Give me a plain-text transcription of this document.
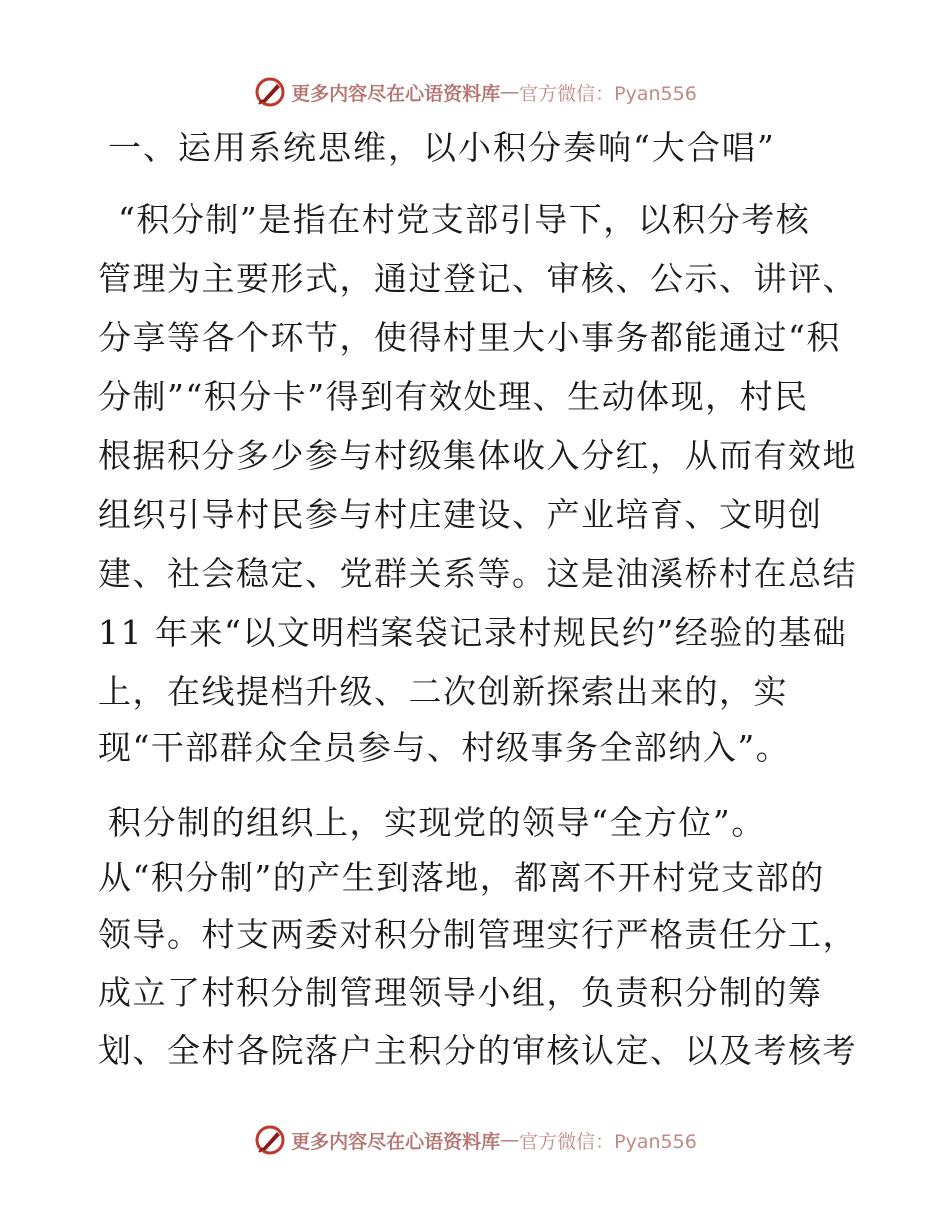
更多内容尽在心语资料库 — 官方微信：Pyan556
一、运用系统思维，以小积分奏响“大合唱”
“积分制”是指在村党支部引导下，以积分考核
管理为主要形式，通过登记、审核、公示、讲评、
分享等各个环节，使得村里大小事务都能通过“积
分制”“积分卡”得到有效处理、生动体现，村民
根据积分多少参与村级集体收入分红，从而有效地
组织引导村民参与村庄建设、产业培育、文明创
建、社会稳定、党群关系等。这是油溪桥村在总结
11 年来“以文明档案袋记录村规民约”经验的基础
上，在线提档升级、二次创新探索出来的，实
现“干部群众全员参与、村级事务全部纳入”。
积分制的组织上，实现党的领导“全方位”。
从“积分制”的产生到落地，都离不开村党支部的
领导。村支两委对积分制管理实行严格责任分工，
成立了村积分制管理领导小组，负责积分制的筹
划、全村各院落户主积分的审核认定、以及考核考
更多内容尽在心语资料库 — 官方微信：Pyan556
